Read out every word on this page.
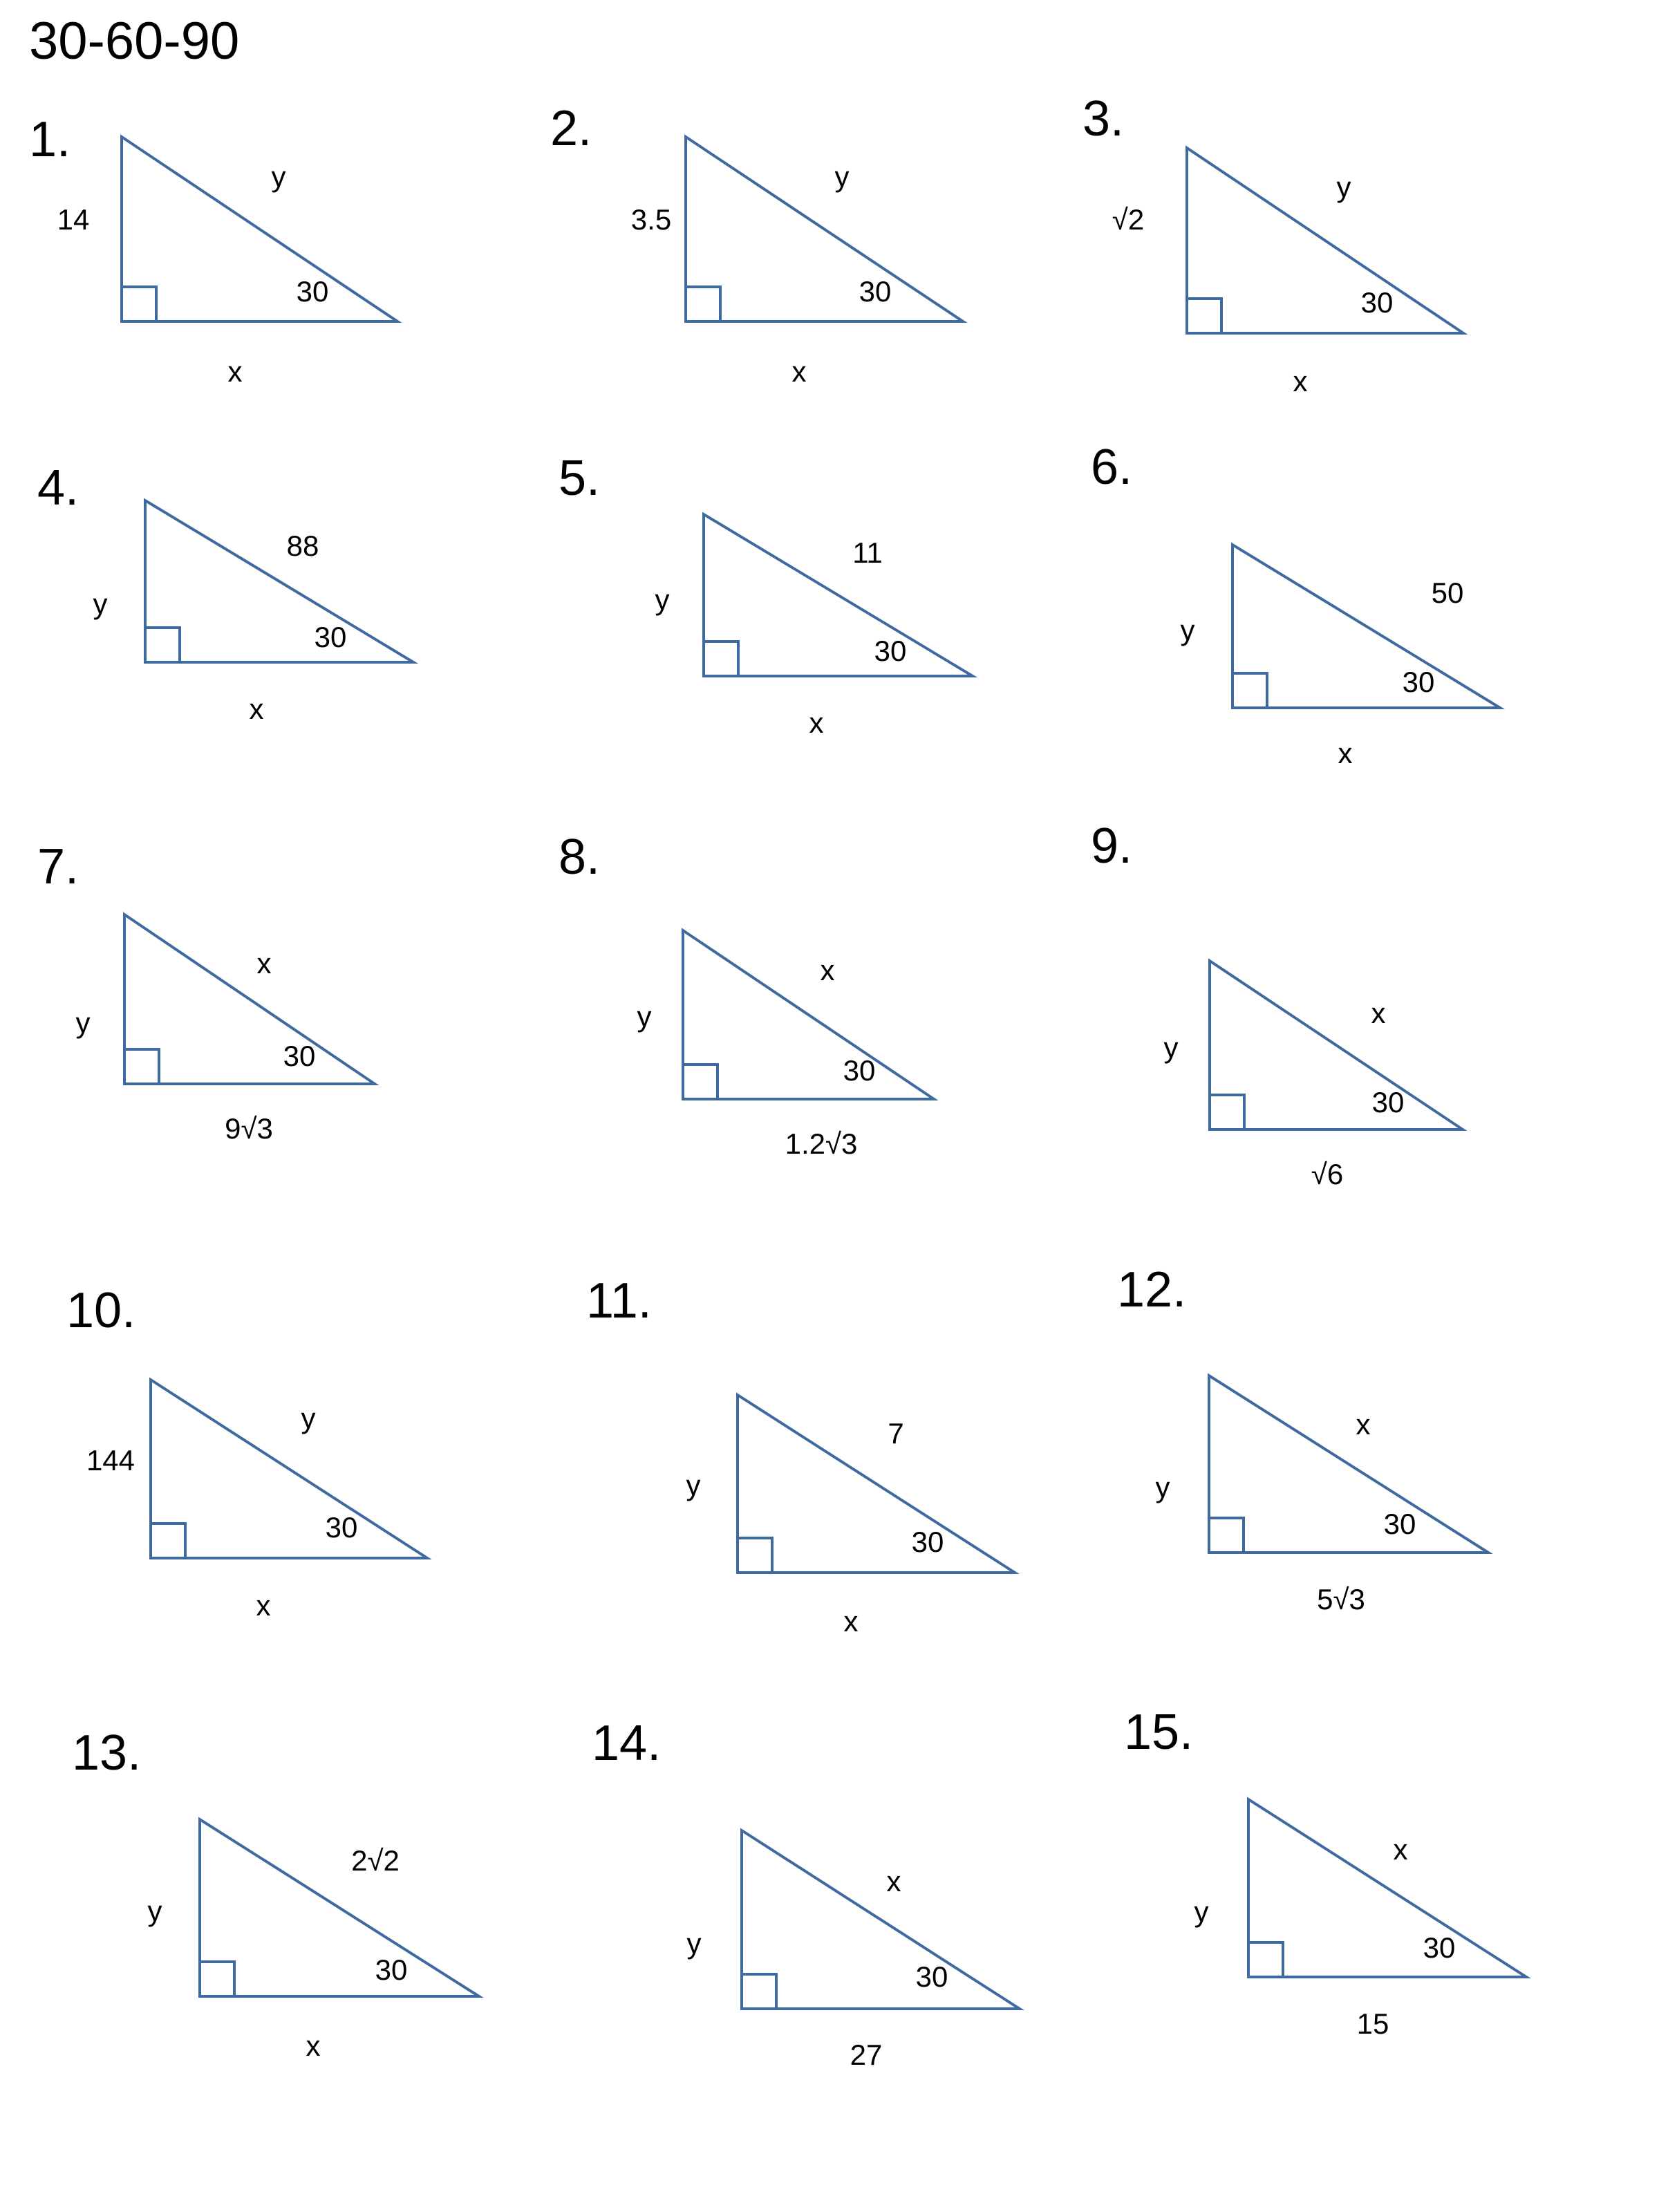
30-60-90
1.
14
y
30
x
2.
3.5
y
30
x
3.
√2
y
30
x
4.
y
88
30
x
5.
y
11
30
x
6.
y
50
30
x
7.
y
x
30
9√3
8.
y
x
30
1.2√3
9.
y
x
30
√6
10.
144
y
30
x
11.
y
7
30
x
12.
y
x
30
5√3
13.
y
2√2
30
x
14.
y
x
30
27
15.
y
x
30
15
